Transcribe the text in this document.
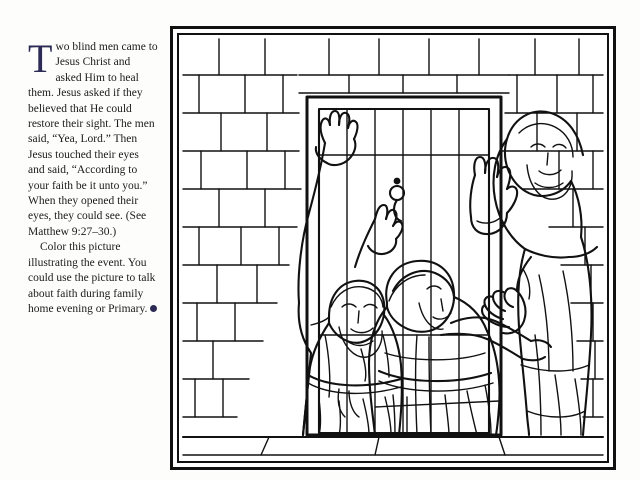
Two blind men came to Jesus Christ and asked Him to heal them. Jesus asked if they believed that He could restore their sight. The men said, “Yea, Lord.” Then Jesus touched their eyes and said, “According to your faith be it unto you.” When they opened their eyes, they could see. (See Matthew 9:27–30.)

Color this picture illustrating the event. You could use the picture to talk about faith during family home evening or Primary.
